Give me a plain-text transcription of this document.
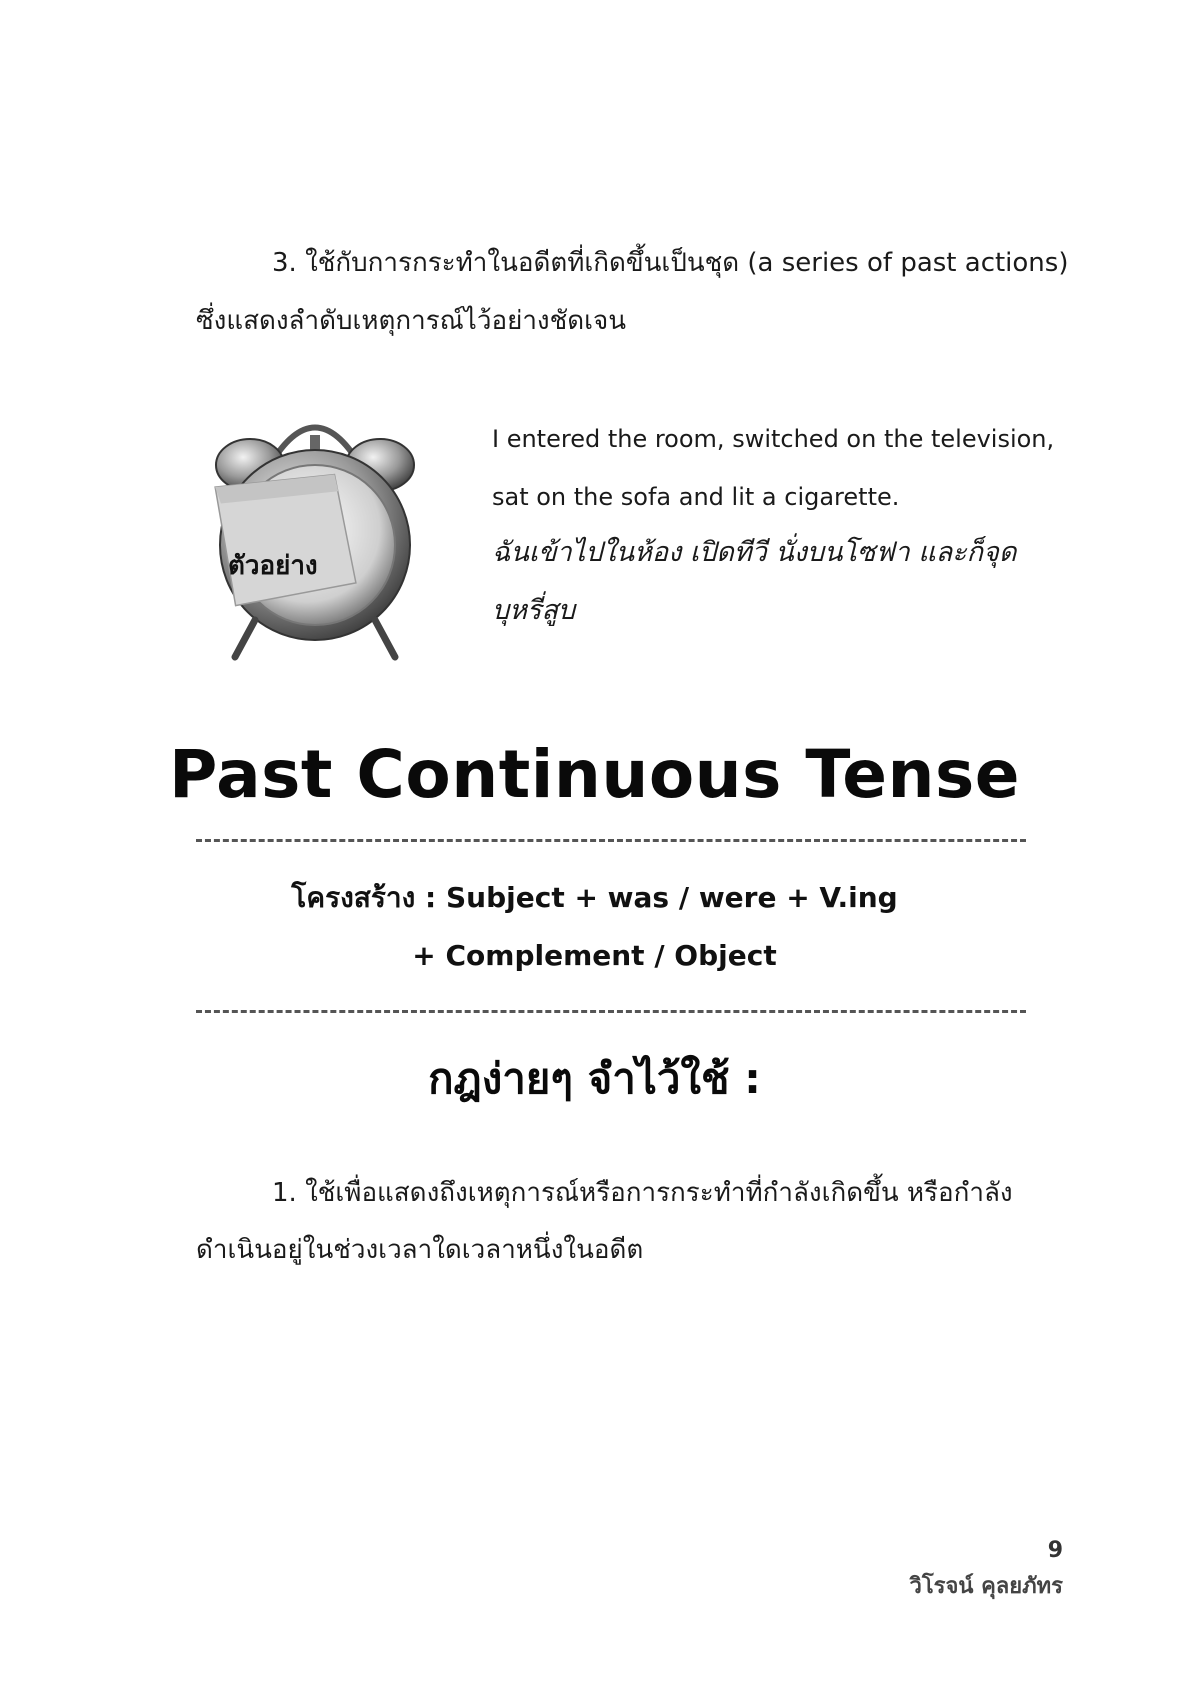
3. ใช้กับการกระทำในอดีตที่เกิดขึ้นเป็นชุด (a series of past actions)
ซึ่งแสดงลำดับเหตุการณ์ไว้อย่างชัดเจน
ตัวอย่าง
I entered the room, switched on the television,
sat on the sofa and lit a cigarette.
ฉันเข้าไปในห้อง เปิดทีวี นั่งบนโซฟา และก็จุด
บุหรี่สูบ
Past Continuous Tense
โครงสร้าง : Subject + was / were + V.ing
+ Complement / Object
กฎง่ายๆ จำไว้ใช้ :
1. ใช้เพื่อแสดงถึงเหตุการณ์หรือการกระทำที่กำลังเกิดขึ้น หรือกำลัง
ดำเนินอยู่ในช่วงเวลาใดเวลาหนึ่งในอดีต
9
วิโรจน์ คุลยภัทร
